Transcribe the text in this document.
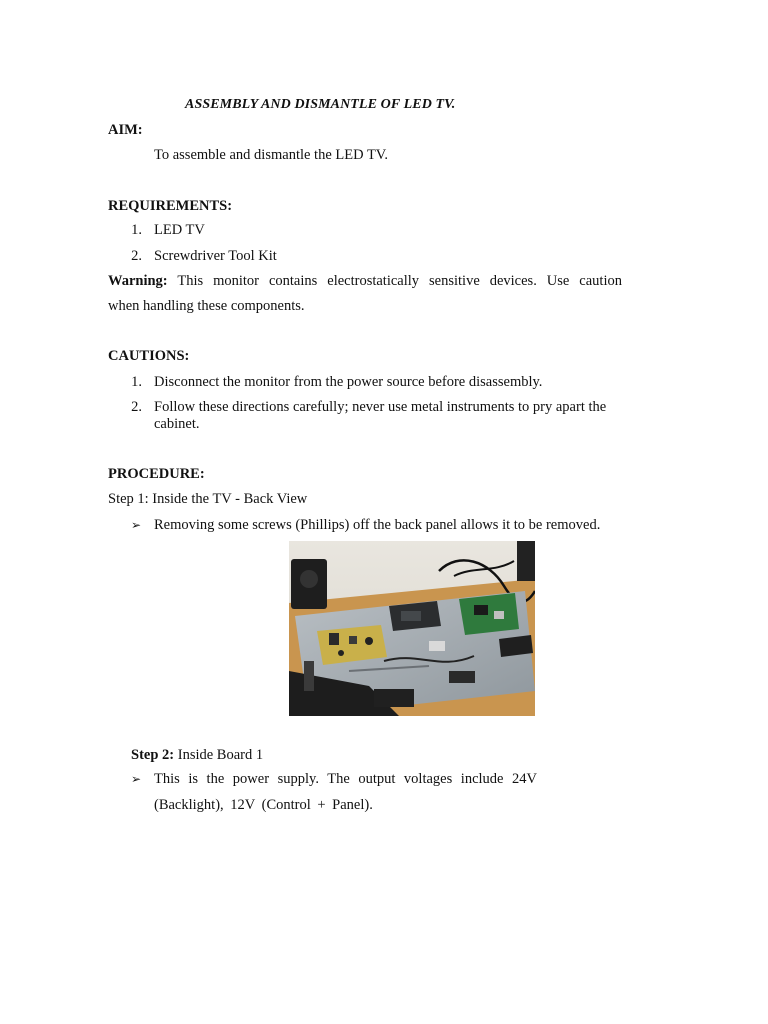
ASSEMBLY AND DISMANTLE OF LED TV.
AIM:
To assemble and dismantle the LED TV.
REQUIREMENTS:
1. LED TV
2. Screwdriver Tool Kit
Warning: This monitor contains electrostatically sensitive devices. Use caution
when handling these components.
CAUTIONS:
1. Disconnect the monitor from the power source before disassembly.
2. Follow these directions carefully; never use metal instruments to pry apart the
cabinet.
PROCEDURE:
Step 1: Inside the TV - Back View
➢ Removing some screws (Phillips) off the back panel allows it to be removed.
Step 2: Inside Board 1
➢ This is the power supply. The output voltages include 24V
(Backlight), 12V (Control + Panel).
